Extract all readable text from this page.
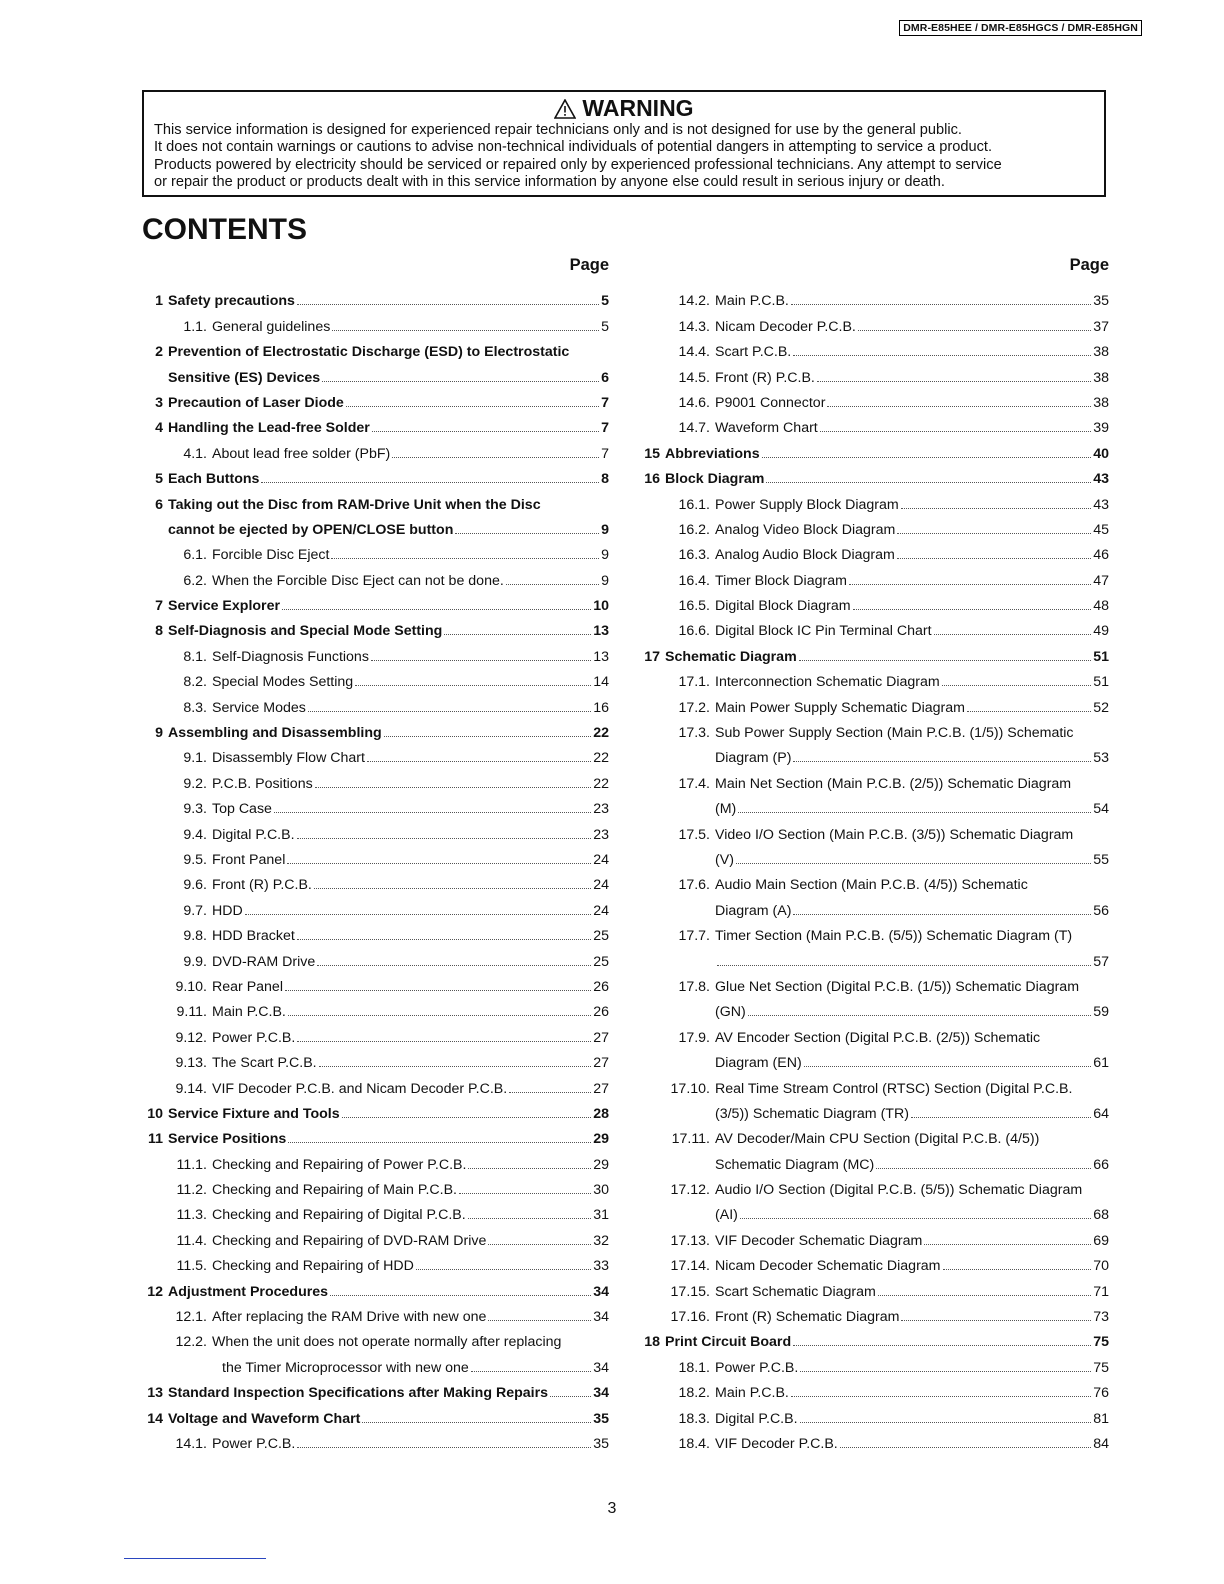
DMR-E85HEE / DMR-E85HGCS / DMR-E85HGN
WARNING
This service information is designed for experienced repair technicians only and is not designed for use by the general public.
It does not contain warnings or cautions to advise non-technical individuals of potential dangers in attempting to service a product.
Products powered by electricity should be serviced or repaired only by experienced professional technicians. Any attempt to service
or repair the product or products dealt with in this service information by anyone else could result in serious injury or death.
CONTENTS
Page
1 Safety precautions	5
1.1. General guidelines	5
2 Prevention of Electrostatic Discharge (ESD) to Electrostatic
Sensitive (ES) Devices	6
3 Precaution of Laser Diode	7
4 Handling the Lead-free Solder	7
4.1. About lead free solder (PbF)	7
5 Each Buttons	8
6 Taking out the Disc from RAM-Drive Unit when the Disc
cannot be ejected by OPEN/CLOSE button	9
6.1. Forcible Disc Eject	9
6.2. When the Forcible Disc Eject can not be done.	9
7 Service Explorer	10
8 Self-Diagnosis and Special Mode Setting	13
8.1. Self-Diagnosis Functions	13
8.2. Special Modes Setting	14
8.3. Service Modes	16
9 Assembling and Disassembling	22
9.1. Disassembly Flow Chart	22
9.2. P.C.B. Positions	22
9.3. Top Case	23
9.4. Digital P.C.B.	23
9.5. Front Panel	24
9.6. Front (R) P.C.B.	24
9.7. HDD	24
9.8. HDD Bracket	25
9.9. DVD-RAM Drive	25
9.10. Rear Panel	26
9.11. Main P.C.B.	26
9.12. Power P.C.B.	27
9.13. The Scart P.C.B.	27
9.14. VIF Decoder P.C.B. and Nicam Decoder P.C.B.	27
10 Service Fixture and Tools	28
11 Service Positions	29
11.1. Checking and Repairing of Power P.C.B.	29
11.2. Checking and Repairing of Main P.C.B.	30
11.3. Checking and Repairing of Digital P.C.B.	31
11.4. Checking and Repairing of DVD-RAM Drive	32
11.5. Checking and Repairing of HDD	33
12 Adjustment Procedures	34
12.1. After replacing the RAM Drive with new one	34
12.2. When the unit does not operate normally after replacing
the Timer Microprocessor with new one	34
13 Standard Inspection Specifications after Making Repairs	34
14 Voltage and Waveform Chart	35
14.1. Power P.C.B.	35
Page
14.2. Main P.C.B.	35
14.3. Nicam Decoder P.C.B.	37
14.4. Scart P.C.B.	38
14.5. Front (R) P.C.B.	38
14.6. P9001 Connector	38
14.7. Waveform Chart	39
15 Abbreviations	40
16 Block Diagram	43
16.1. Power Supply Block Diagram	43
16.2. Analog Video Block Diagram	45
16.3. Analog Audio Block Diagram	46
16.4. Timer Block Diagram	47
16.5. Digital Block Diagram	48
16.6. Digital Block IC Pin Terminal Chart	49
17 Schematic Diagram	51
17.1. Interconnection Schematic Diagram	51
17.2. Main Power Supply Schematic Diagram	52
17.3. Sub Power Supply Section (Main P.C.B. (1/5)) Schematic
Diagram (P)	53
17.4. Main Net Section (Main P.C.B. (2/5)) Schematic Diagram
(M)	54
17.5. Video I/O Section (Main P.C.B. (3/5)) Schematic Diagram
(V)	55
17.6. Audio Main Section (Main P.C.B. (4/5)) Schematic
Diagram (A)	56
17.7. Timer Section (Main P.C.B. (5/5)) Schematic Diagram (T)
57
17.8. Glue Net Section (Digital P.C.B. (1/5)) Schematic Diagram
(GN)	59
17.9. AV Encoder Section (Digital P.C.B. (2/5)) Schematic
Diagram (EN)	61
17.10. Real Time Stream Control (RTSC) Section (Digital P.C.B.
(3/5)) Schematic Diagram (TR)	64
17.11. AV Decoder/Main CPU Section (Digital P.C.B. (4/5))
Schematic Diagram (MC)	66
17.12. Audio I/O Section (Digital P.C.B. (5/5)) Schematic Diagram
(AI)	68
17.13. VIF Decoder Schematic Diagram	69
17.14. Nicam Decoder Schematic Diagram	70
17.15. Scart Schematic Diagram	71
17.16. Front (R) Schematic Diagram	73
18 Print Circuit Board	75
18.1. Power P.C.B.	75
18.2. Main P.C.B.	76
18.3. Digital P.C.B.	81
18.4. VIF Decoder P.C.B.	84
3
